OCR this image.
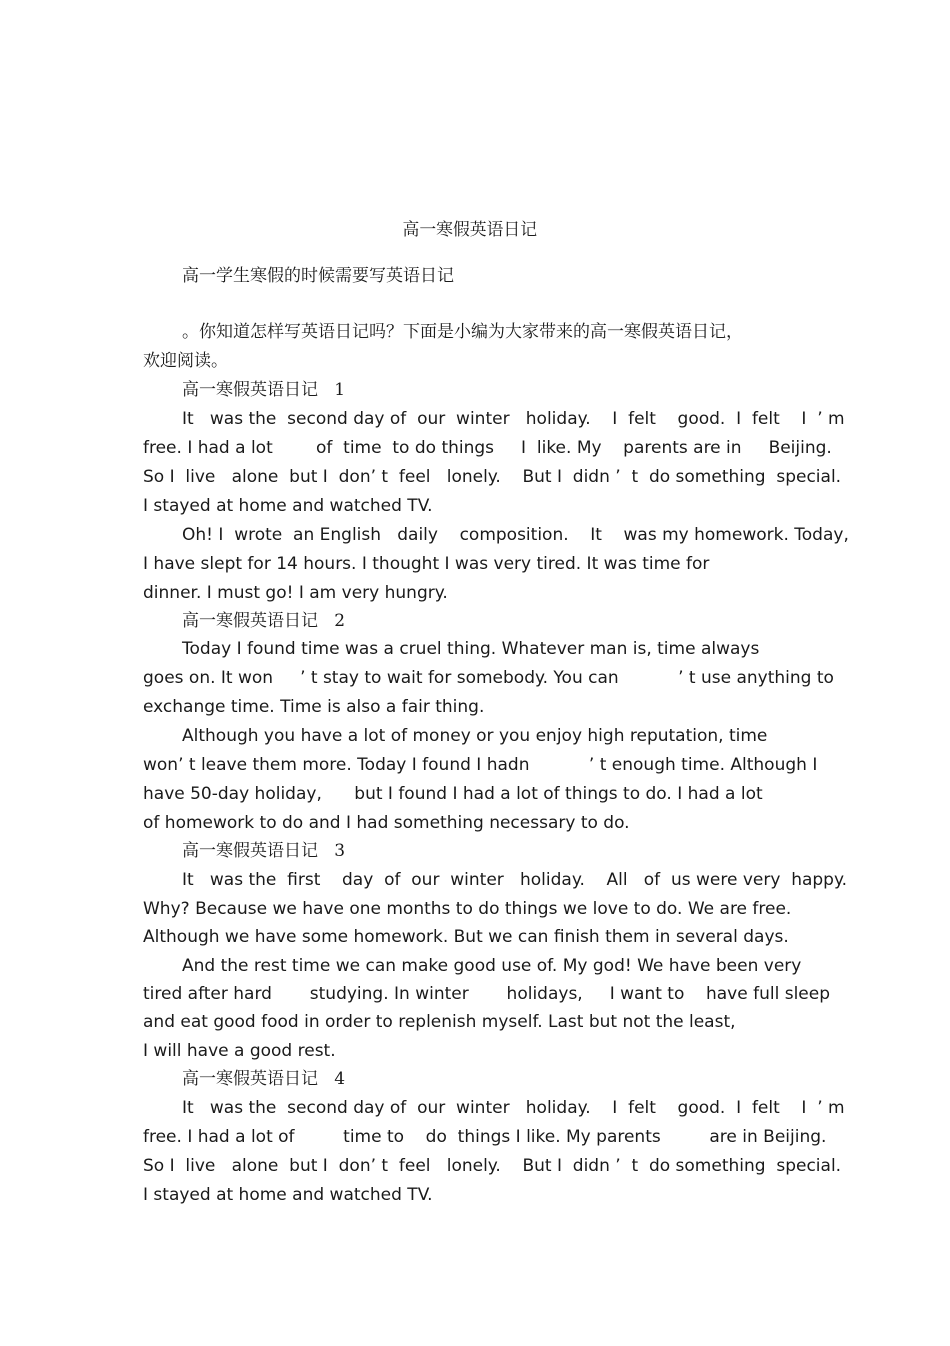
高一寒假英语日记
高一学生寒假的时候需要写英语日记
。你知道怎样写英语日记吗？下面是小编为大家带来的高一寒假英语日记，
欢迎阅读。
高一寒假英语日记   1
It   was the  second day of  our  winter   holiday.    I  felt    good.  I  felt    I  ’ m
free. I had a lot        of  time  to do things     I  like. My    parents are in     Beijing.
So I  live   alone  but I  don’ t  feel   lonely.    But I  didn ’  t  do something  special.
I stayed at home and watched TV.
Oh! I  wrote  an English   daily    composition.    It    was my homework. Today,
I have slept for 14 hours. I thought I was very tired. It was time for
dinner. I must go! I am very hungry.
高一寒假英语日记   2
Today I found time was a cruel thing. Whatever man is, time always
goes on. It won     ’ t stay to wait for somebody. You can           ’ t use anything to
exchange time. Time is also a fair thing.
Although you have a lot of money or you enjoy high reputation, time
won’ t leave them more. Today I found I hadn           ’ t enough time. Although I
have 50-day holiday,      but I found I had a lot of things to do. I had a lot
of homework to do and I had something necessary to do.
高一寒假英语日记   3
It   was the  first    day  of  our  winter   holiday.    All   of  us were very  happy.
Why? Because we have one months to do things we love to do. We are free.
Although we have some homework. But we can finish them in several days.
And the rest time we can make good use of. My god! We have been very
tired after hard       studying. In winter       holidays,     I want to    have full sleep
and eat good food in order to replenish myself. Last but not the least,
I will have a good rest.
高一寒假英语日记   4
It   was the  second day of  our  winter   holiday.    I  felt    good.  I  felt    I  ’ m
free. I had a lot of         time to    do  things I like. My parents         are in Beijing.
So I  live   alone  but I  don’ t  feel   lonely.    But I  didn ’  t  do something  special.
I stayed at home and watched TV.
